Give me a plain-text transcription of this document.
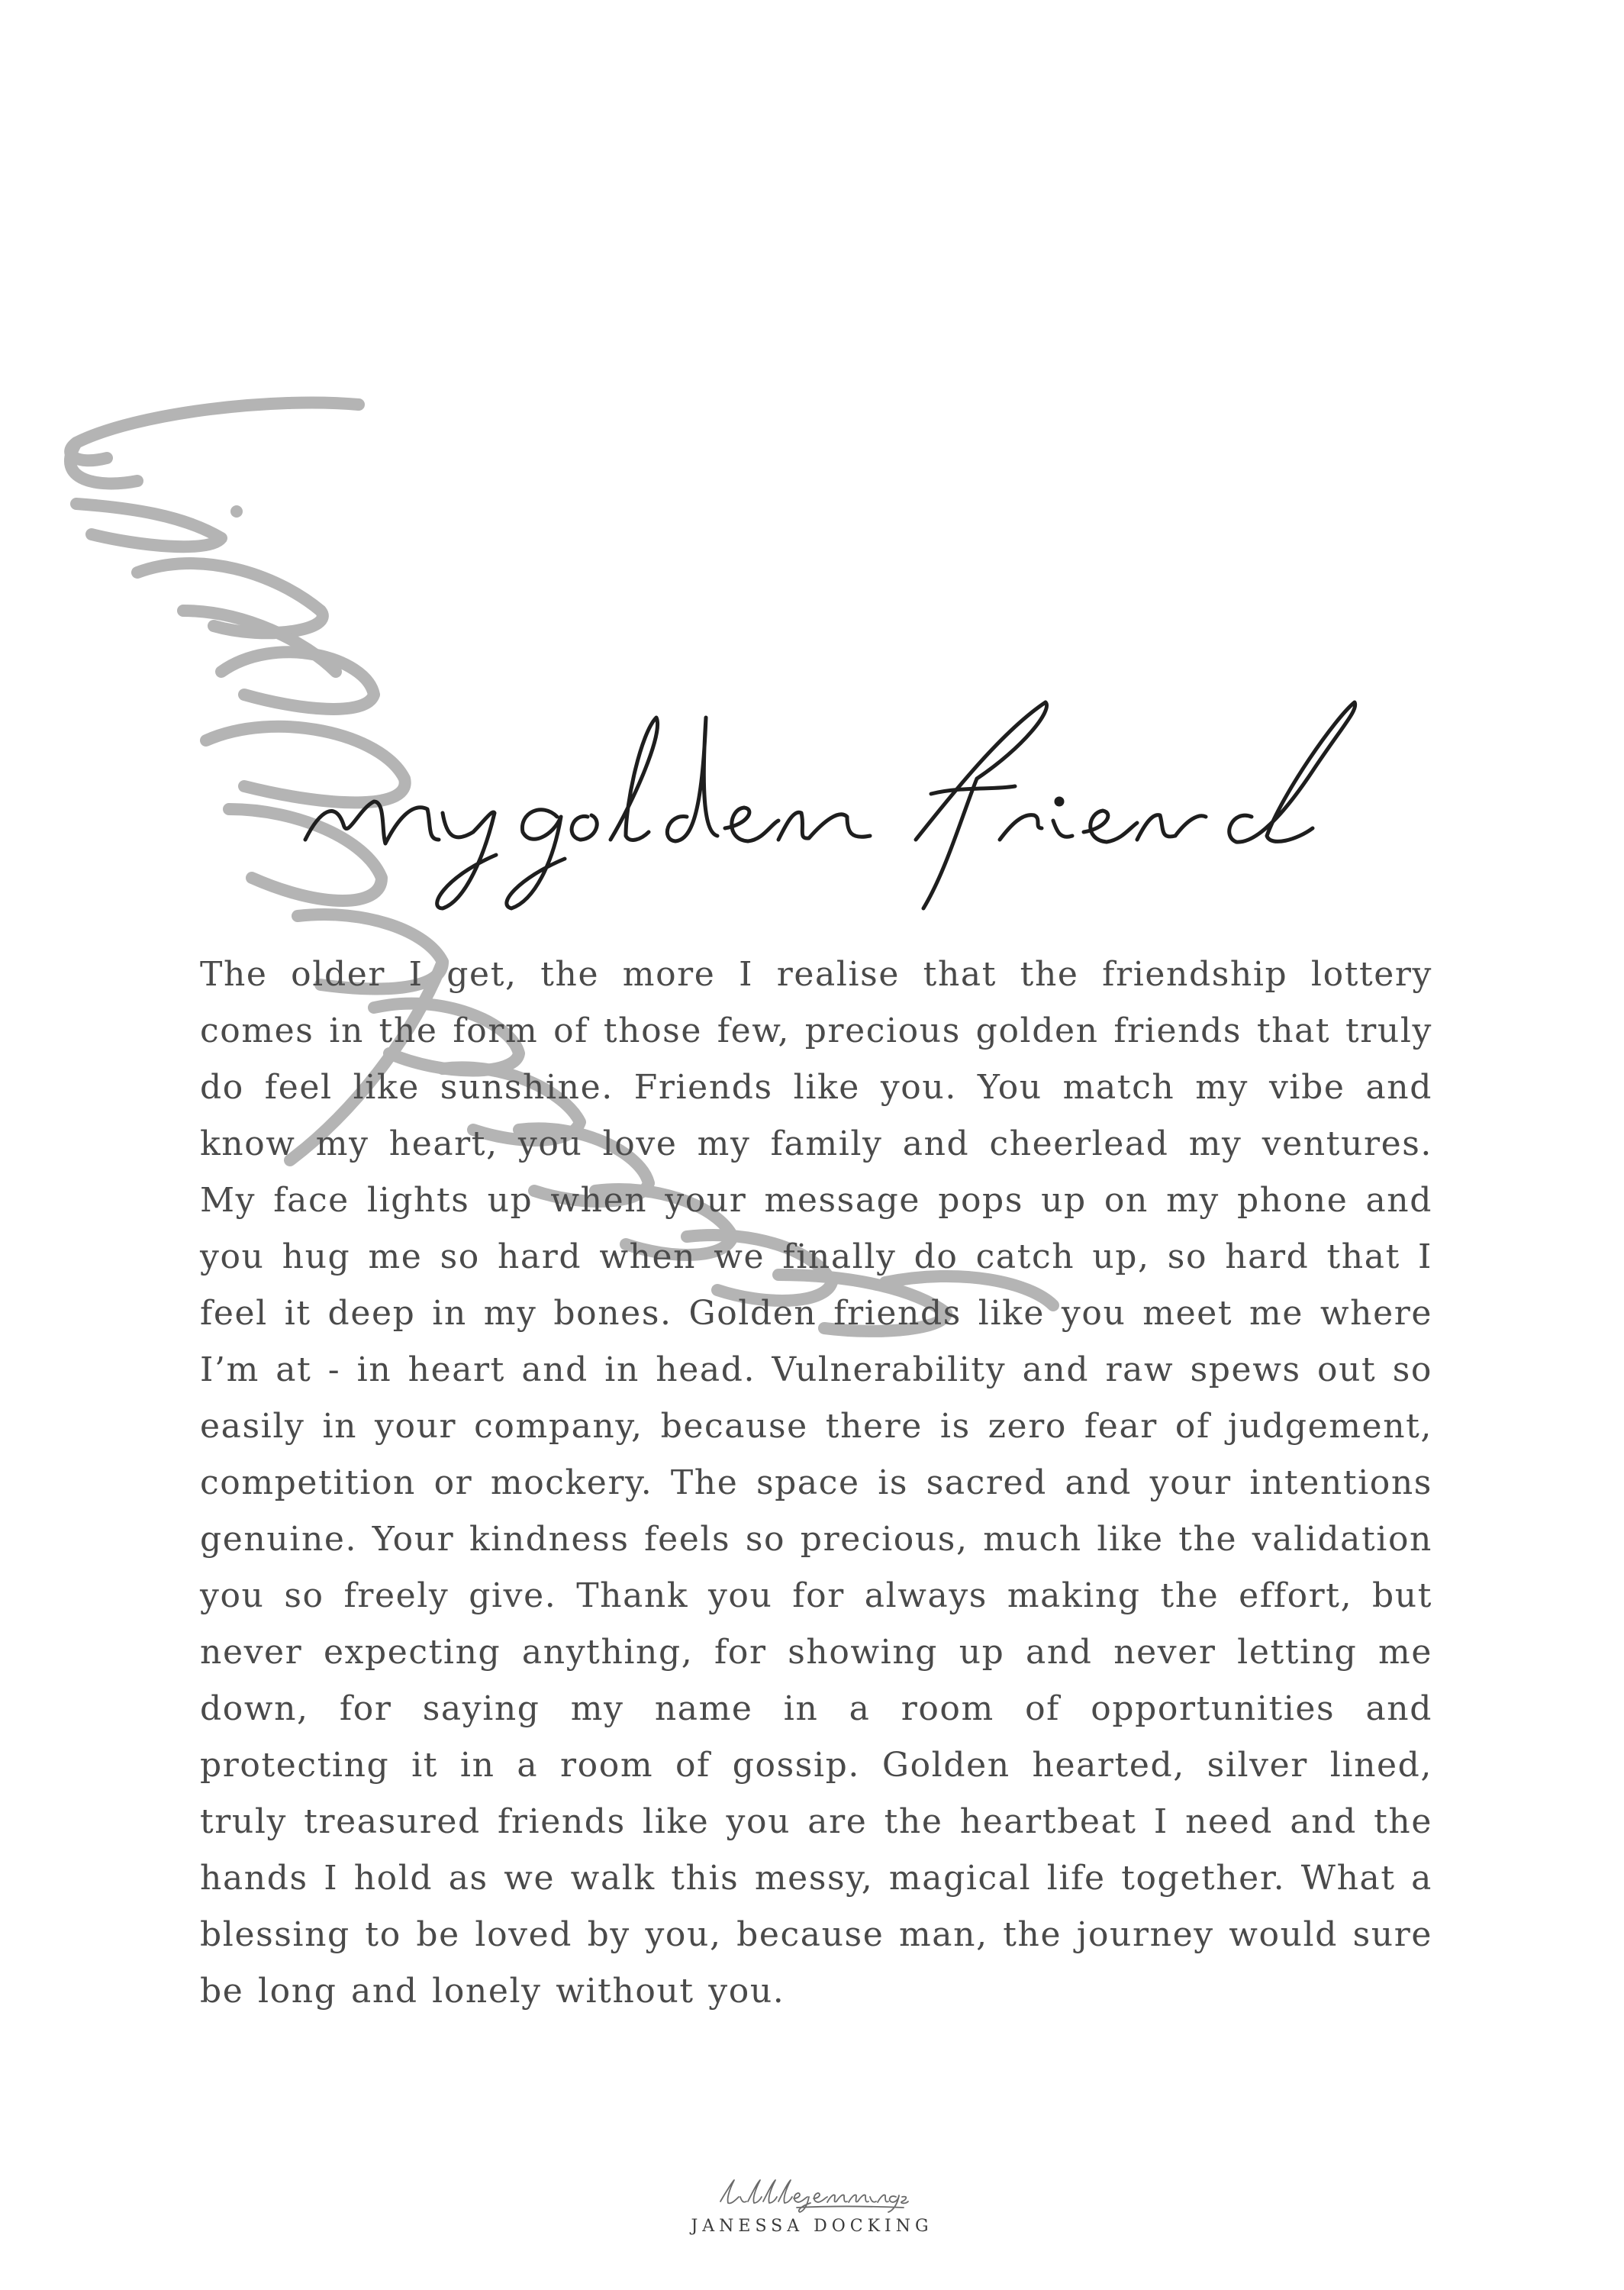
The older I get, the more I realise that the friendship lottery comes in the form of those few, precious golden friends that truly do feel like sunshine. Friends like you. You match my vibe and know my heart, you love my family and cheerlead my ventures. My face lights up when your message pops up on my phone and you hug me so hard when we finally do catch up, so hard that I feel it deep in my bones. Golden friends like you meet me where I’m at - in heart and in head. Vulnerability and raw spews out so easily in your company, because there is zero fear of judgement, competition or mockery. The space is sacred and your intentions genuine. Your kindness feels so precious, much like the validation you so freely give. Thank you for always making the effort, but never expecting anything, for showing up and never letting me down, for saying my name in a room of opportunities and protecting it in a room of gossip. Golden hearted, silver lined, truly treasured friends like you are the heartbeat I need and the hands I hold as we walk this messy, magical life together. What a blessing to be loved by you, because man, the journey would sure be long and lonely without you.

JANESSA DOCKING
